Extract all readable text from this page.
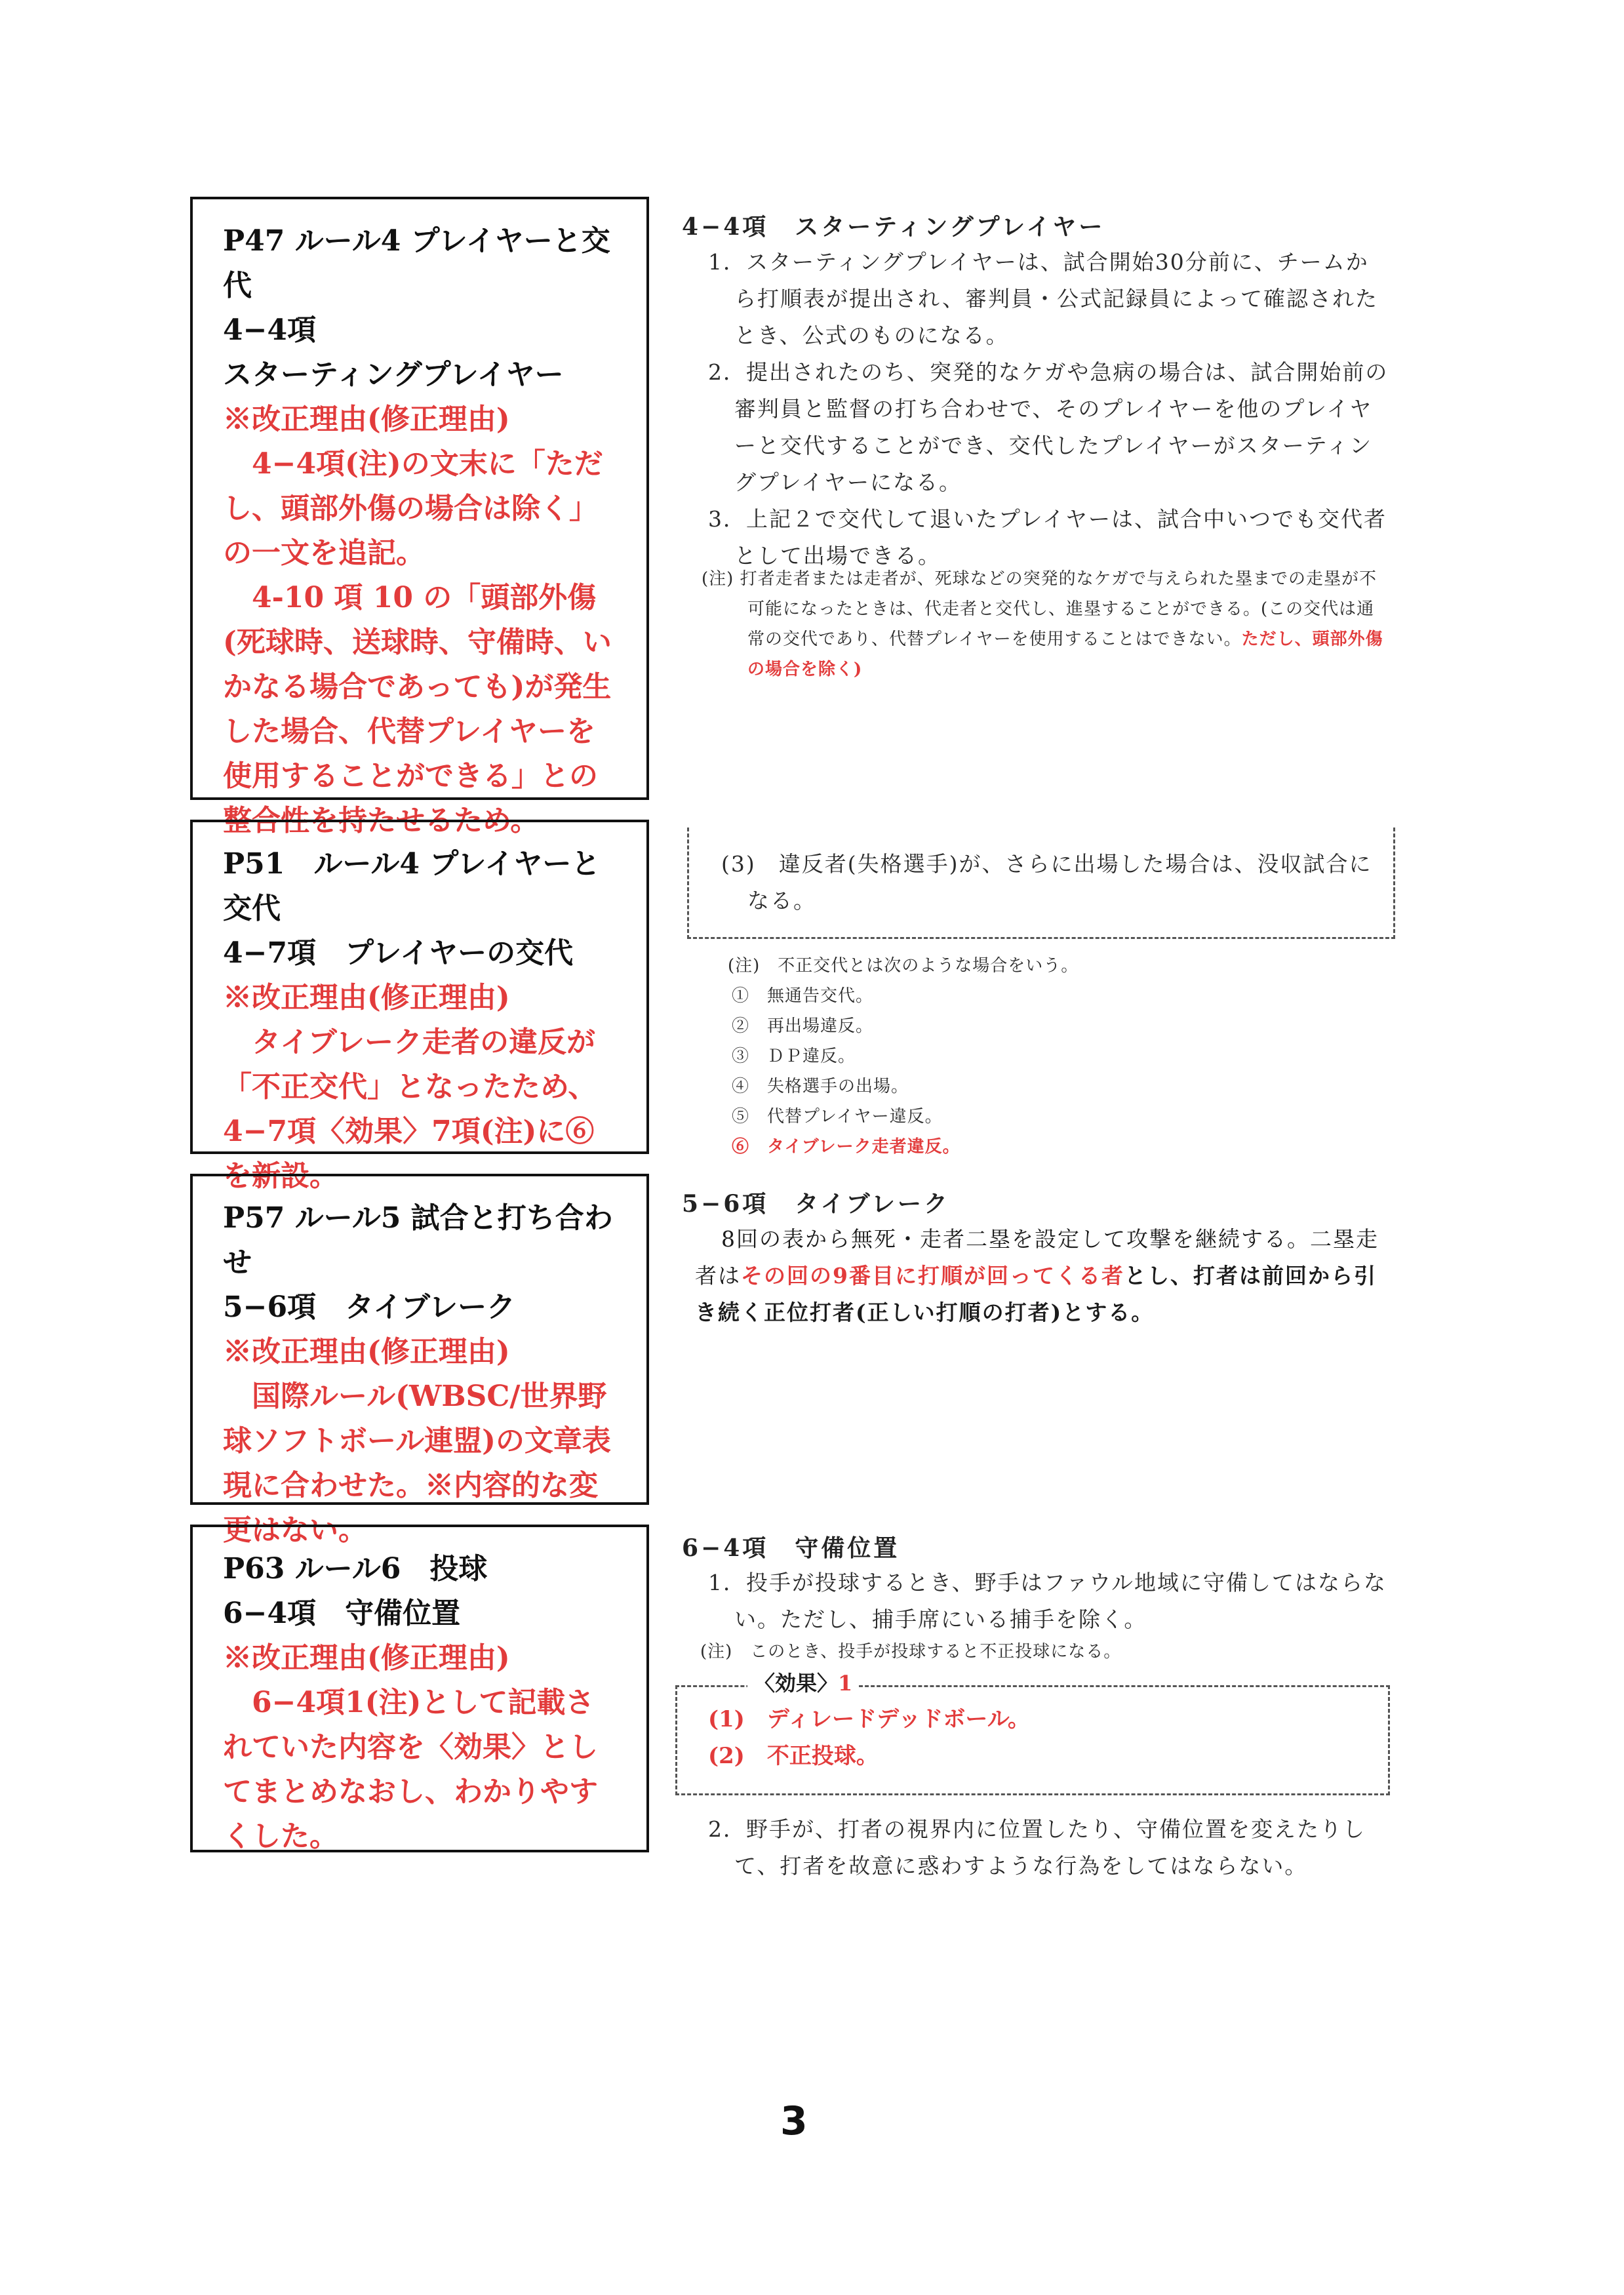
P47 ルール4 プレイヤーと交代

4−4項

スターティングプレイヤー

※改正理由(修正理由)

4−4項(注)の文末に「ただし、頭部外傷の場合は除く」の一文を追記。

4-10 項 10 の「頭部外傷(死球時、送球時、守備時、いかなる場合であっても)が発生した場合、代替プレイヤーを使用することができる」との整合性を持たせるため。

4−4項　スターティングプレイヤー

1．スターティングプレイヤーは、試合開始30分前に、チームから打順表が提出され、審判員・公式記録員によって確認されたとき、公式のものになる。

2．提出されたのち、突発的なケガや急病の場合は、試合開始前の審判員と監督の打ち合わせで、そのプレイヤーを他のプレイヤーと交代することができ、交代したプレイヤーがスターティングプレイヤーになる。

3．上記２で交代して退いたプレイヤーは、試合中いつでも交代者として出場できる。

(注) 打者走者または走者が、死球などの突発的なケガで与えられた塁までの走塁が不可能になったときは、代走者と交代し、進塁することができる。(この交代は通常の交代であり、代替プレイヤーを使用することはできない。ただし、頭部外傷の場合を除く)

P51　ルール4 プレイヤーと交代

4−7項　プレイヤーの交代

※改正理由(修正理由)

タイブレーク走者の違反が「不正交代」となったため、4−7項〈効果〉7項(注)に⑥を新設。

(3)　違反者(失格選手)が、さらに出場した場合は、没収試合になる。

(注)　不正交代とは次のような場合をいう。

①　無通告交代。
②　再出場違反。
③　ＤＰ違反。
④　失格選手の出場。
⑤　代替プレイヤー違反。
⑥　タイブレーク走者違反。

P57 ルール5 試合と打ち合わせ

5−6項　タイブレーク

※改正理由(修正理由)

国際ルール(WBSC/世界野球ソフトボール連盟)の文章表現に合わせた。※内容的な変更はない。

5−6項　タイブレーク

8回の表から無死・走者二塁を設定して攻撃を継続する。二塁走者はその回の9番目に打順が回ってくる者とし、打者は前回から引き続く正位打者(正しい打順の打者)とする。

P63 ルール6　投球

6−4項　守備位置

※改正理由(修正理由)

6−4項1(注)として記載されていた内容を〈効果〉としてまとめなおし、わかりやすくした。

6−4項　守備位置

1．投手が投球するとき、野手はファウル地域に守備してはならない。ただし、捕手席にいる捕手を除く。

(注)　このとき、投手が投球すると不正投球になる。
〈効果〉1

(1)　ディレードデッドボール。

(2)　不正投球。

2．野手が、打者の視界内に位置したり、守備位置を変えたりして、打者を故意に惑わすような行為をしてはならない。

3
